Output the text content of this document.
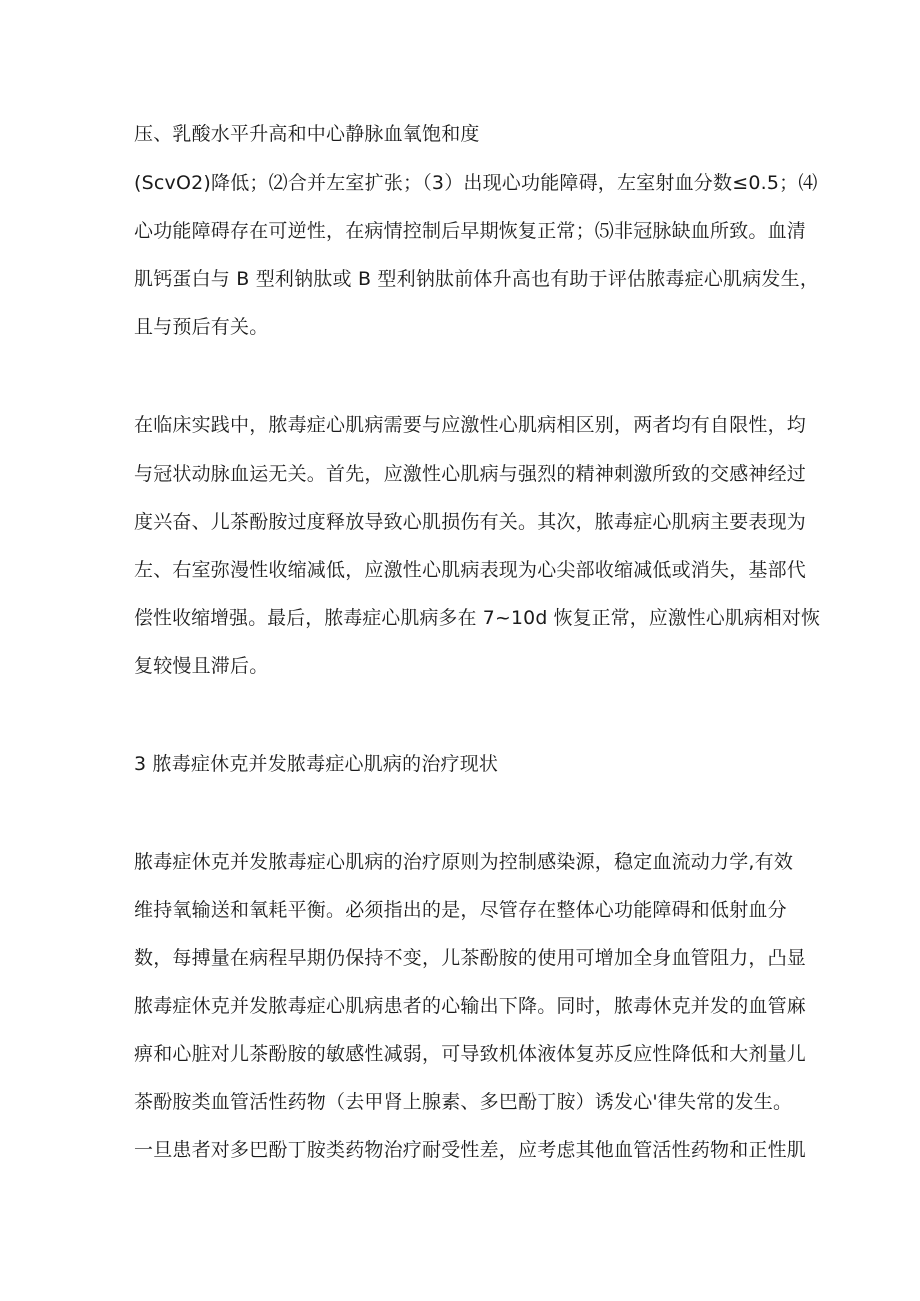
压、乳酸水平升高和中心静脉血氧饱和度
(ScvO2)降低；⑵合并左室扩张；（3）出现心功能障碍，左室射血分数≤0.5；⑷
心功能障碍存在可逆性，在病情控制后早期恢复正常；⑸非冠脉缺血所致。血清
肌钙蛋白与 B 型利钠肽或 B 型利钠肽前体升高也有助于评估脓毒症心肌病发生，
且与预后有关。
在临床实践中，脓毒症心肌病需要与应激性心肌病相区别，两者均有自限性，均
与冠状动脉血运无关。首先，应激性心肌病与强烈的精神刺激所致的交感神经过
度兴奋、儿茶酚胺过度释放导致心肌损伤有关。其次，脓毒症心肌病主要表现为
左、右室弥漫性收缩减低，应激性心肌病表现为心尖部收缩减低或消失，基部代
偿性收缩增强。最后，脓毒症心肌病多在 7~10d 恢复正常，应激性心肌病相对恢
复较慢且滞后。
3 脓毒症休克并发脓毒症心肌病的治疗现状
脓毒症休克并发脓毒症心肌病的治疗原则为控制感染源，稳定血流动力学,有效
维持氧输送和氧耗平衡。必须指出的是，尽管存在整体心功能障碍和低射血分
数，每搏量在病程早期仍保持不变，儿茶酚胺的使用可增加全身血管阻力，凸显
脓毒症休克并发脓毒症心肌病患者的心输出下降。同时，脓毒休克并发的血管麻
痹和心脏对儿茶酚胺的敏感性减弱，可导致机体液体复苏反应性降低和大剂量儿
茶酚胺类血管活性药物（去甲肾上腺素、多巴酚丁胺）诱发心'律失常的发生。
一旦患者对多巴酚丁胺类药物治疗耐受性差，应考虑其他血管活性药物和正性肌
